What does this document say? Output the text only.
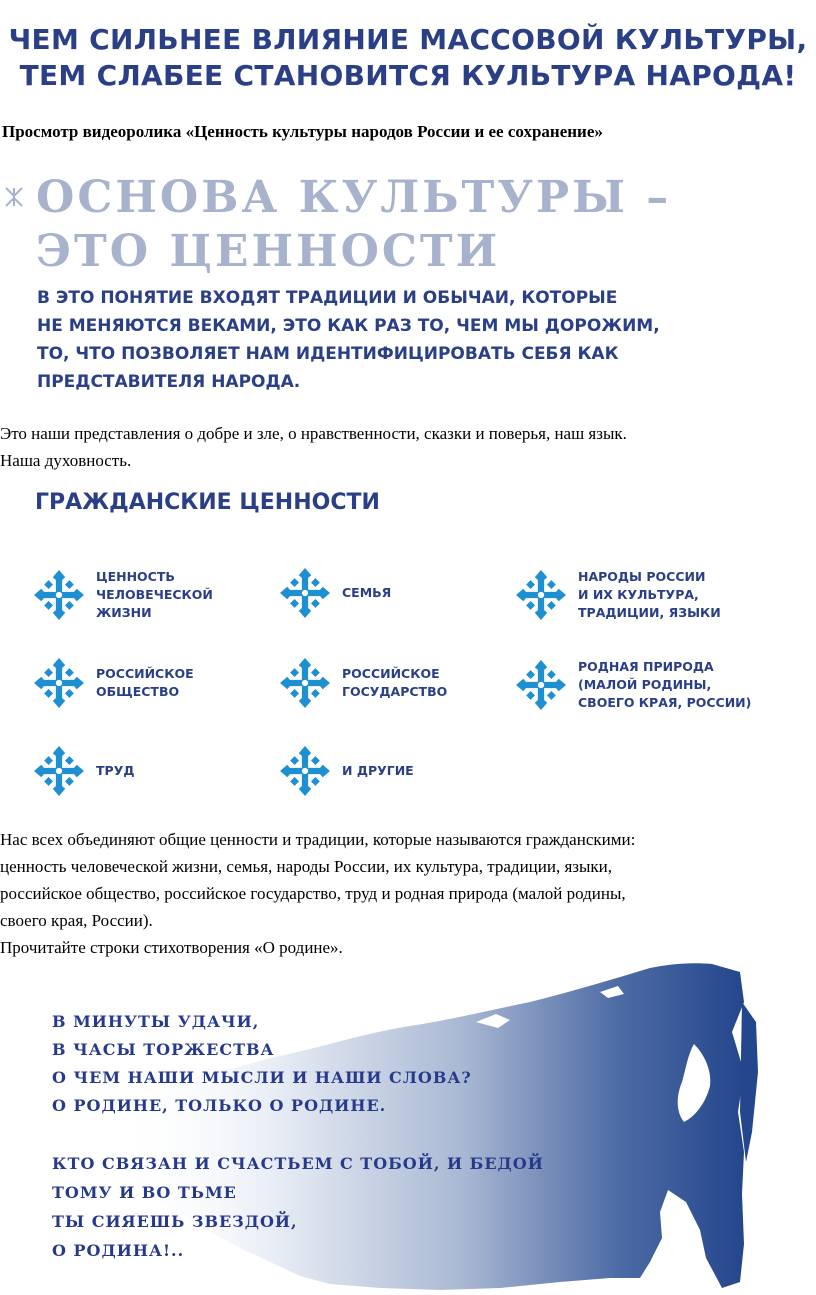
ЧЕМ СИЛЬНЕЕ ВЛИЯНИЕ МАССОВОЙ КУЛЬТУРЫ,
ТЕМ СЛАБЕЕ СТАНОВИТСЯ КУЛЬТУРА НАРОДА!
Просмотр видеоролика «Ценность культуры народов России и ее сохранение»
ОСНОВА КУЛЬТУРЫ –
ЭТО ЦЕННОСТИ
В ЭТО ПОНЯТИЕ ВХОДЯТ ТРАДИЦИИ И ОБЫЧАИ, КОТОРЫЕ
НЕ МЕНЯЮТСЯ ВЕКАМИ, ЭТО КАК РАЗ ТО, ЧЕМ МЫ ДОРОЖИМ,
ТО, ЧТО ПОЗВОЛЯЕТ НАМ ИДЕНТИФИЦИРОВАТЬ СЕБЯ КАК
ПРЕДСТАВИТЕЛЯ НАРОДА.
Это наши представления о добре и зле, о нравственности, сказки и поверья, наш язык.
Наша духовность.
ГРАЖДАНСКИЕ ЦЕННОСТИ
ЦЕННОСТЬ
ЧЕЛОВЕЧЕСКОЙ
ЖИЗНИ
СЕМЬЯ
НАРОДЫ РОССИИ
И ИХ КУЛЬТУРА,
ТРАДИЦИИ, ЯЗЫКИ
РОССИЙСКОЕ
ОБЩЕСТВО
РОССИЙСКОЕ
ГОСУДАРСТВО
РОДНАЯ ПРИРОДА
(МАЛОЙ РОДИНЫ,
СВОЕГО КРАЯ, РОССИИ)
ТРУД	И ДРУГИЕ
Нас всех объединяют общие ценности и традиции, которые называются гражданскими:
ценность человеческой жизни, семья, народы России, их культура, традиции, языки,
российское общество, российское государство, труд и родная природа (малой родины,
своего края, России).
Прочитайте строки стихотворения «О родине».
В МИНУТЫ УДАЧИ,
В ЧАСЫ ТОРЖЕСТВА
О ЧЕМ НАШИ МЫСЛИ И НАШИ СЛОВА?
О РОДИНЕ, ТОЛЬКО О РОДИНЕ.
КТО СВЯЗАН И СЧАСТЬЕМ С ТОБОЙ, И БЕДОЙ
ТОМУ И ВО ТЬМЕ
ТЫ СИЯЕШЬ ЗВЕЗДОЙ,
О РОДИНА!..
